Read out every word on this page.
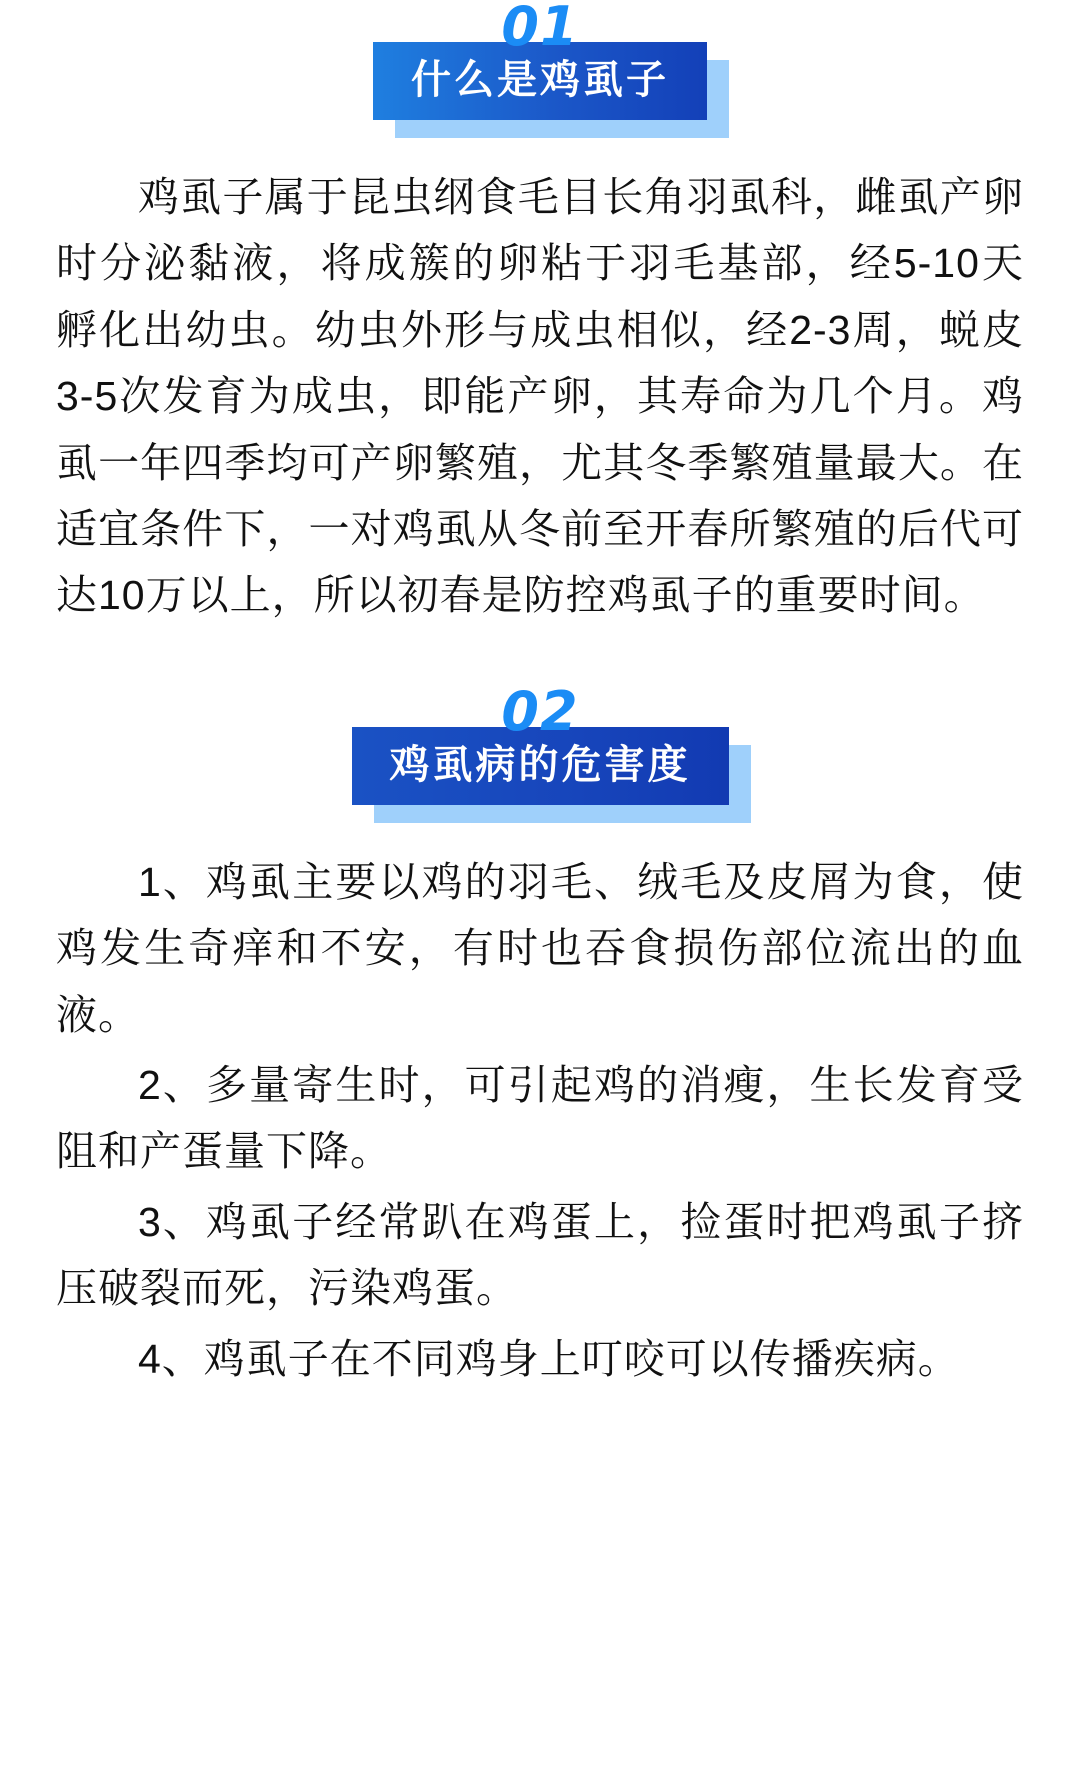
01
什么是鸡虱子

鸡虱子属于昆虫纲食毛目长角羽虱科，雌虱产卵时分泌黏液，将成簇的卵粘于羽毛基部，经5-10天孵化出幼虫。幼虫外形与成虫相似，经2-3周，蜕皮3-5次发育为成虫，即能产卵，其寿命为几个月。鸡虱一年四季均可产卵繁殖，尤其冬季繁殖量最大。在适宜条件下，一对鸡虱从冬前至开春所繁殖的后代可达10万以上，所以初春是防控鸡虱子的重要时间。

02
鸡虱病的危害度

1、鸡虱主要以鸡的羽毛、绒毛及皮屑为食，使鸡发生奇痒和不安，有时也吞食损伤部位流出的血液。

2、多量寄生时，可引起鸡的消瘦，生长发育受阻和产蛋量下降。

3、鸡虱子经常趴在鸡蛋上，捡蛋时把鸡虱子挤压破裂而死，污染鸡蛋。

4、鸡虱子在不同鸡身上叮咬可以传播疾病。
